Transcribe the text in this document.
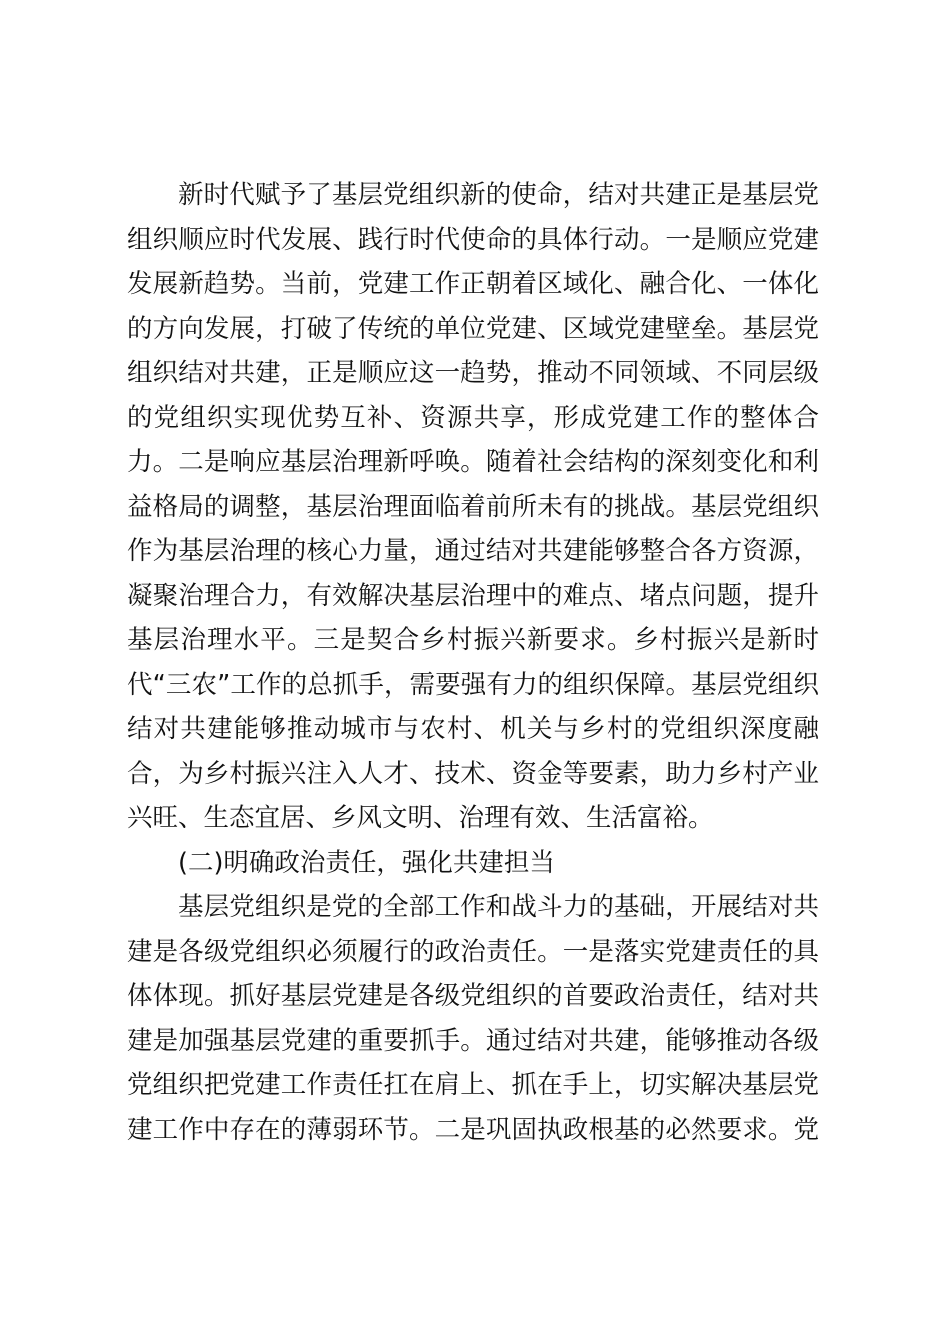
新时代赋予了基层党组织新的使命，结对共建正是基层党
组织顺应时代发展、践行时代使命的具体行动。一是顺应党建
发展新趋势。当前，党建工作正朝着区域化、融合化、一体化
的方向发展，打破了传统的单位党建、区域党建壁垒。基层党
组织结对共建，正是顺应这一趋势，推动不同领域、不同层级
的党组织实现优势互补、资源共享，形成党建工作的整体合
力。二是响应基层治理新呼唤。随着社会结构的深刻变化和利
益格局的调整，基层治理面临着前所未有的挑战。基层党组织
作为基层治理的核心力量，通过结对共建能够整合各方资源，
凝聚治理合力，有效解决基层治理中的难点、堵点问题，提升
基层治理水平。三是契合乡村振兴新要求。乡村振兴是新时
代“三农”工作的总抓手，需要强有力的组织保障。基层党组织
结对共建能够推动城市与农村、机关与乡村的党组织深度融
合，为乡村振兴注入人才、技术、资金等要素，助力乡村产业
兴旺、生态宜居、乡风文明、治理有效、生活富裕。
(二)明确政治责任，强化共建担当
基层党组织是党的全部工作和战斗力的基础，开展结对共
建是各级党组织必须履行的政治责任。一是落实党建责任的具
体体现。抓好基层党建是各级党组织的首要政治责任，结对共
建是加强基层党建的重要抓手。通过结对共建，能够推动各级
党组织把党建工作责任扛在肩上、抓在手上，切实解决基层党
建工作中存在的薄弱环节。二是巩固执政根基的必然要求。党
